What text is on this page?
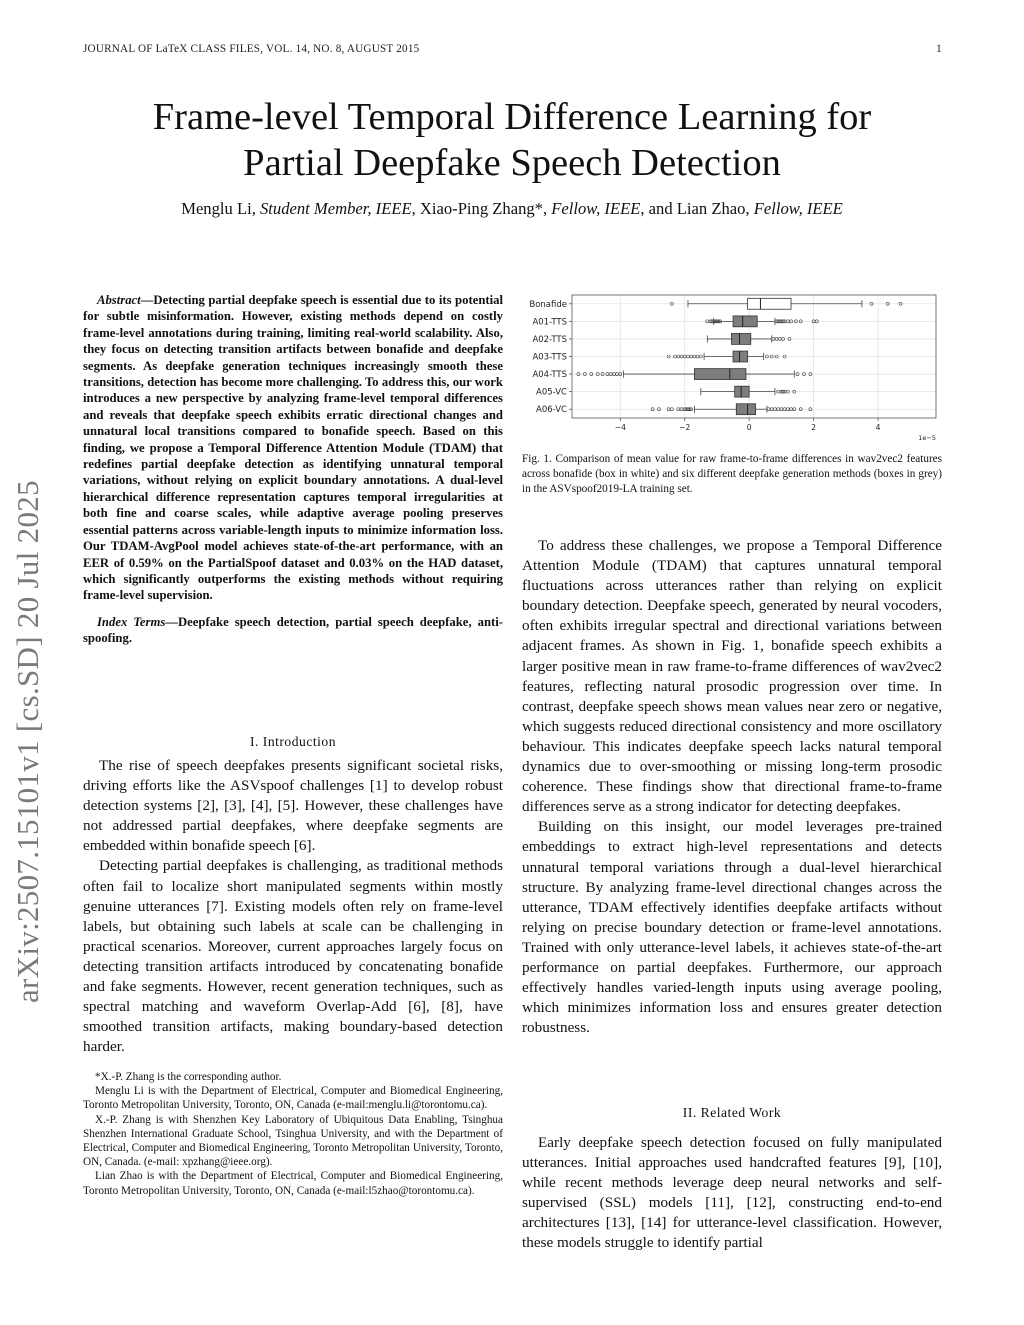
JOURNAL OF LaTeX CLASS FILES, VOL. 14, NO. 8, AUGUST 2015	1
Frame-level Temporal Difference Learning for
Partial Deepfake Speech Detection
Menglu Li, Student Member, IEEE, Xiao-Ping Zhang*, Fellow, IEEE, and Lian Zhao, Fellow, IEEE
arXiv:2507.15101v1 [cs.SD] 20 Jul 2025

Abstract—Detecting partial deepfake speech is essential due to its potential for subtle misinformation. However, existing methods depend on costly frame-level annotations during training, limiting real-world scalability. Also, they focus on detecting transition artifacts between bonafide and deepfake segments. As deepfake generation techniques increasingly smooth these transitions, detection has become more challenging. To address this, our work introduces a new perspective by analyzing frame-level temporal differences and reveals that deepfake speech exhibits erratic directional changes and unnatural local transitions compared to bonafide speech. Based on this finding, we propose a Temporal Difference Attention Module (TDAM) that redefines partial deepfake detection as identifying unnatural temporal variations, without relying on explicit boundary annotations. A dual-level hierarchical difference representation captures temporal irregularities at both fine and coarse scales, while adaptive average pooling preserves essential patterns across variable-length inputs to minimize information loss. Our TDAM-AvgPool model achieves state-of-the-art performance, with an EER of 0.59% on the PartialSpoof dataset and 0.03% on the HAD dataset, which significantly outperforms the existing methods without requiring frame-level supervision.

Index Terms—Deepfake speech detection, partial speech deepfake, anti-spoofing.

I. Introduction

The rise of speech deepfakes presents significant societal risks, driving efforts like the ASVspoof challenges [1] to develop robust detection systems [2], [3], [4], [5]. However, these challenges have not addressed partial deepfakes, where deepfake segments are embedded within bonafide speech [6].

Detecting partial deepfakes is challenging, as traditional methods often fail to localize short manipulated segments within mostly genuine utterances [7]. Existing models often rely on frame-level labels, but obtaining such labels at scale can be challenging in practical scenarios. Moreover, current approaches largely focus on detecting transition artifacts introduced by concatenating bonafide and fake segments. However, recent generation techniques, such as spectral matching and waveform Overlap-Add [6], [8], have smoothed transition artifacts, making boundary-based detection harder.

*X.-P. Zhang is the corresponding author.

Menglu Li is with the Department of Electrical, Computer and Biomedical Engineering, Toronto Metropolitan University, Toronto, ON, Canada (e-mail:menglu.li@torontomu.ca).

X.-P. Zhang is with Shenzhen Key Laboratory of Ubiquitous Data Enabling, Tsinghua Shenzhen International Graduate School, Tsinghua University, and with the Department of Electrical, Computer and Biomedical Engineering, Toronto Metropolitan University, Toronto, ON, Canada. (e-mail: xpzhang@ieee.org).

Lian Zhao is with the Department of Electrical, Computer and Biomedical Engineering, Toronto Metropolitan University, Toronto, ON, Canada (e-mail:l5zhao@torontomu.ca).

Bonafide
A01-TTS
A02-TTS
A03-TTS
A04-TTS
A05-VC
A06-VC
−4	−2	0	2	4
1e−5
Fig. 1. Comparison of mean value for raw frame-to-frame differences in wav2vec2 features across bonafide (box in white) and six different deepfake generation methods (boxes in grey) in the ASVspoof2019-LA training set.

To address these challenges, we propose a Temporal Difference Attention Module (TDAM) that captures unnatural temporal fluctuations across utterances rather than relying on explicit boundary detection. Deepfake speech, generated by neural vocoders, often exhibits irregular spectral and directional variations between adjacent frames. As shown in Fig. 1, bonafide speech exhibits a larger positive mean in raw frame-to-frame differences of wav2vec2 features, reflecting natural prosodic progression over time. In contrast, deepfake speech shows mean values near zero or negative, which suggests reduced directional consistency and more oscillatory behaviour. This indicates deepfake speech lacks natural temporal dynamics due to over-smoothing or missing long-term prosodic coherence. These findings show that directional frame-to-frame differences serve as a strong indicator for detecting deepfakes.

Building on this insight, our model leverages pre-trained embeddings to extract high-level representations and detects unnatural temporal variations through a dual-level hierarchical structure. By analyzing frame-level directional changes across the utterance, TDAM effectively identifies deepfake artifacts without relying on precise boundary detection or frame-level annotations. Trained with only utterance-level labels, it achieves state-of-the-art performance on partial deepfakes. Furthermore, our approach effectively handles varied-length inputs using average pooling, which minimizes information loss and ensures greater detection robustness.

II. Related Work

Early deepfake speech detection focused on fully manipulated utterances. Initial approaches used handcrafted features [9], [10], while recent methods leverage deep neural networks and self-supervised (SSL) models [11], [12], constructing end-to-end architectures [13], [14] for utterance-level classification. However, these models struggle to identify partial
